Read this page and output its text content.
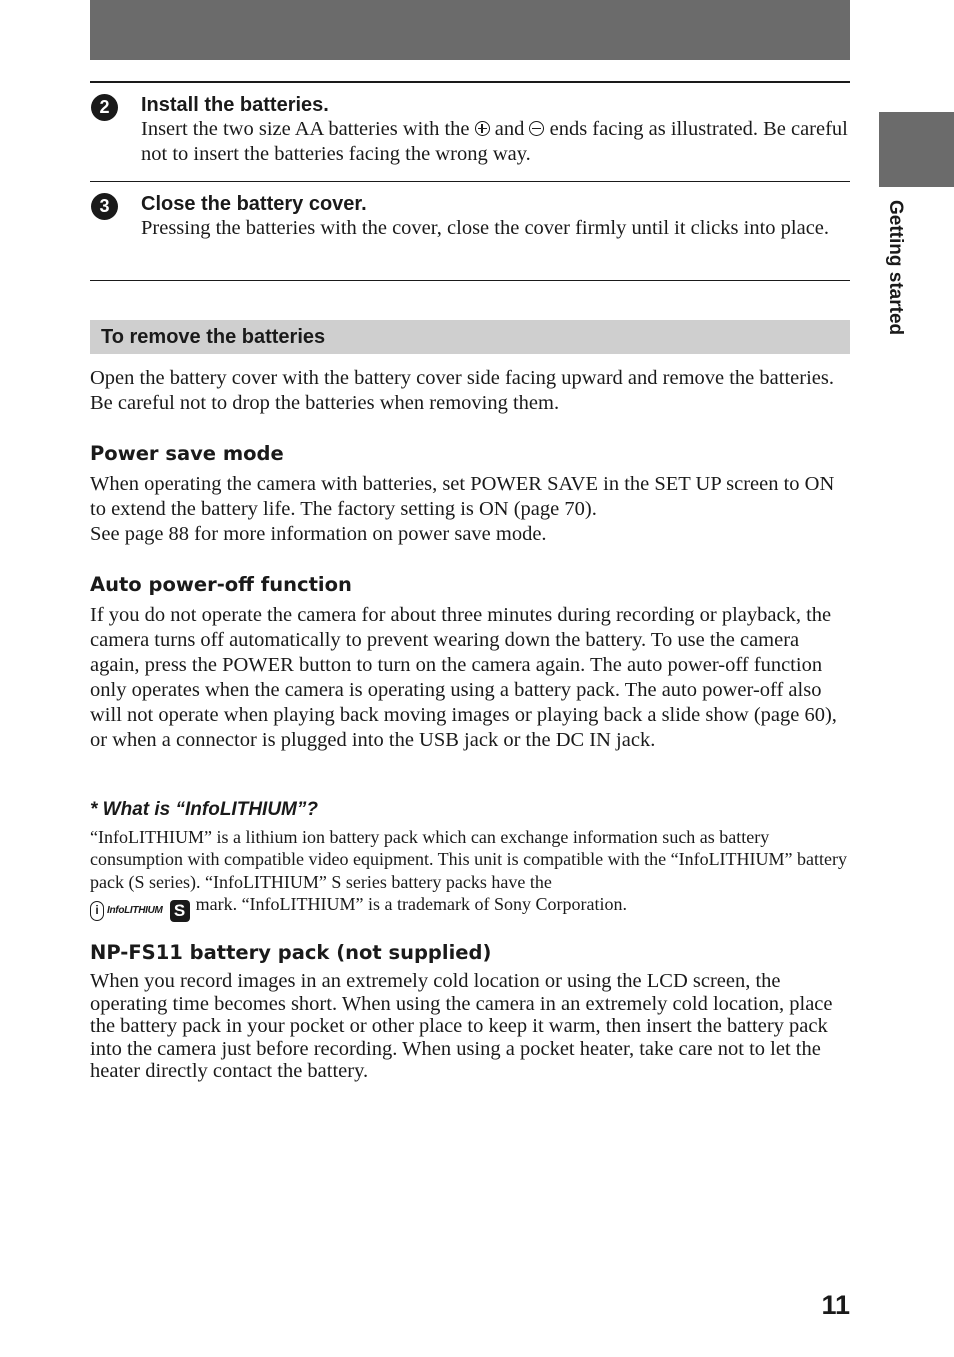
Getting started
2	Install the batteries.
Insert the two size AA batteries with the and ends facing as illustrated. Be careful not to insert the batteries facing the wrong way.
3	Close the battery cover.
Pressing the batteries with the cover, close the cover firmly until it clicks into place.
To remove the batteries
Open the battery cover with the battery cover side facing upward and remove the batteries. Be careful not to drop the batteries when removing them.
Power save mode
When operating the camera with batteries, set POWER SAVE in the SET UP screen to ON to extend the battery life. The factory setting is ON (page 70).
See page 88 for more information on power save mode.
Auto power-off function
If you do not operate the camera for about three minutes during recording or playback, the camera turns off automatically to prevent wearing down the battery. To use the camera again, press the POWER button to turn on the camera again. The auto power-off function only operates when the camera is operating using a battery pack. The auto power-off also will not operate when playing back moving images or playing back a slide show (page 60), or when a connector is plugged into the USB jack or the DC IN jack.
* What is “InfoLITHIUM”?
“InfoLITHIUM” is a lithium ion battery pack which can exchange information such as battery consumption with compatible video equipment. This unit is compatible with the “InfoLITHIUM” battery pack (S series). “InfoLITHIUM” S series battery packs have the

i InfoLITHIUM S mark. “InfoLITHIUM” is a trademark of Sony Corporation.
NP-FS11 battery pack (not supplied)
When you record images in an extremely cold location or using the LCD screen, the operating time becomes short. When using the camera in an extremely cold location, place the battery pack in your pocket or other place to keep it warm, then insert the battery pack into the camera just before recording. When using a pocket heater, take care not to let the heater directly contact the battery.
11
